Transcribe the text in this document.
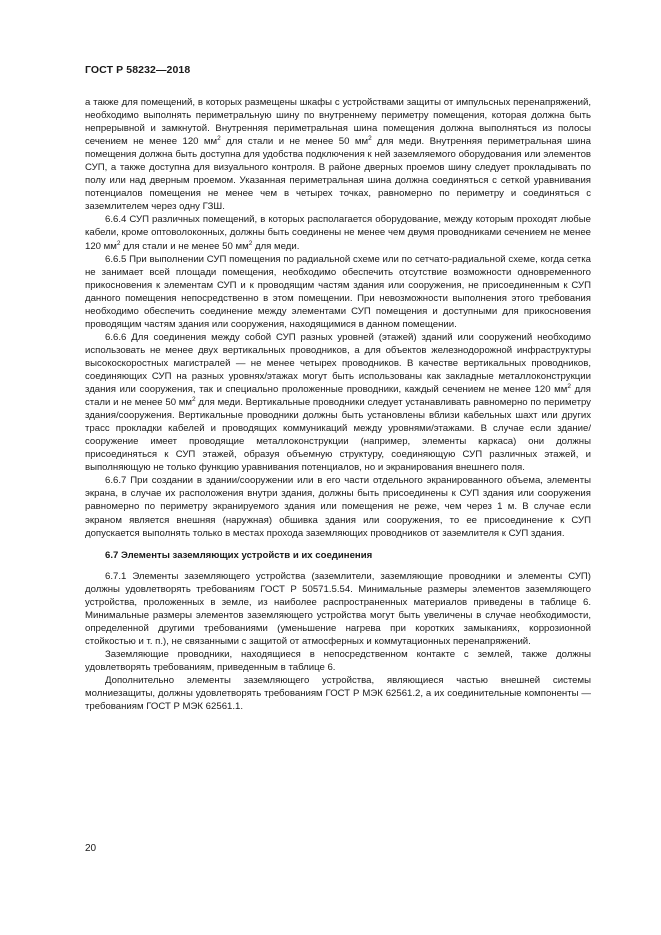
ГОСТ Р 58232—2018

а также для помещений, в которых размещены шкафы с устройствами защиты от импульсных перенапряжений, необходимо выполнять периметральную шину по внутреннему периметру помещения, которая должна быть непрерывной и замкнутой. Внутренняя периметральная шина помещения должна выполняться из полосы сечением не менее 120 $мм^2$ для стали и не менее 50 $мм^2$ для меди. Внутренняя периметральная шина помещения должна быть доступна для удобства подключения к ней заземляемого оборудования или элементов СУП, а также доступна для визуального контроля. В районе дверных проемов шину следует прокладывать по полу или над дверным проемом. Указанная периметральная шина должна соединяться с сеткой уравнивания потенциалов помещения не менее чем в четырех точках, равномерно по периметру и соединяться с заземлителем через одну ГЗШ.

6.6.4 СУП различных помещений, в которых располагается оборудование, между которым проходят любые кабели, кроме оптоволоконных, должны быть соединены не менее чем двумя проводниками сечением не менее 120 $мм^2$ для стали и не менее 50 $мм^2$ для меди.

6.6.5 При выполнении СУП помещения по радиальной схеме или по сетчато-радиальной схеме, когда сетка не занимает всей площади помещения, необходимо обеспечить отсутствие возможности одновременного прикосновения к элементам СУП и к проводящим частям здания или сооружения, не присоединенным к СУП данного помещения непосредственно в этом помещении. При невозможности выполнения этого требования необходимо обеспечить соединение между элементами СУП помещения и доступными для прикосновения проводящим частям здания или сооружения, находящимися в данном помещении.

6.6.6 Для соединения между собой СУП разных уровней (этажей) зданий или сооружений необходимо использовать не менее двух вертикальных проводников, а для объектов железнодорожной инфраструктуры высокоскоростных магистралей — не менее четырех проводников. В качестве вертикальных проводников, соединяющих СУП на разных уровнях/этажах могут быть использованы как закладные металлоконструкции здания или сооружения, так и специально проложенные проводники, каждый сечением не менее 120 $мм^2$ для стали и не менее 50 $мм^2$ для меди. Вертикальные проводники следует устанавливать равномерно по периметру здания/сооружения. Вертикальные проводники должны быть установлены вблизи кабельных шахт или других трасс прокладки кабелей и проводящих коммуникаций между уровнями/этажами. В случае если здание/сооружение имеет проводящие металлоконструкции (например, элементы каркаса) они должны присоединяться к СУП этажей, образуя объемную структуру, соединяющую СУП различных этажей, и выполняющую не только функцию уравнивания потенциалов, но и экранирования внешнего поля.

6.6.7 При создании в здании/сооружении или в его части отдельного экранированного объема, элементы экрана, в случае их расположения внутри здания, должны быть присоединены к СУП здания или сооружения равномерно по периметру экранируемого здания или помещения не реже, чем через 1 м. В случае если экраном является внешняя (наружная) обшивка здания или сооружения, то ее присоединение к СУП допускается выполнять только в местах прохода заземляющих проводников от заземлителя к СУП здания.

6.7 Элементы заземляющих устройств и их соединения

6.7.1 Элементы заземляющего устройства (заземлители, заземляющие проводники и элементы СУП) должны удовлетворять требованиям ГОСТ Р 50571.5.54. Минимальные размеры элементов заземляющего устройства, проложенных в земле, из наиболее распространенных материалов приведены в таблице 6. Минимальные размеры элементов заземляющего устройства могут быть увеличены в случае необходимости, определенной другими требованиями (уменьшение нагрева при коротких замыканиях, коррозионной стойкостью и т. п.), не связанными с защитой от атмосферных и коммутационных перенапряжений.

Заземляющие проводники, находящиеся в непосредственном контакте с землей, также должны удовлетворять требованиям, приведенным в таблице 6.

Дополнительно элементы заземляющего устройства, являющиеся частью внешней системы молниезащиты, должны удовлетворять требованиям ГОСТ Р МЭК 62561.2, а их соединительные компоненты — требованиям ГОСТ Р МЭК 62561.1.

20
